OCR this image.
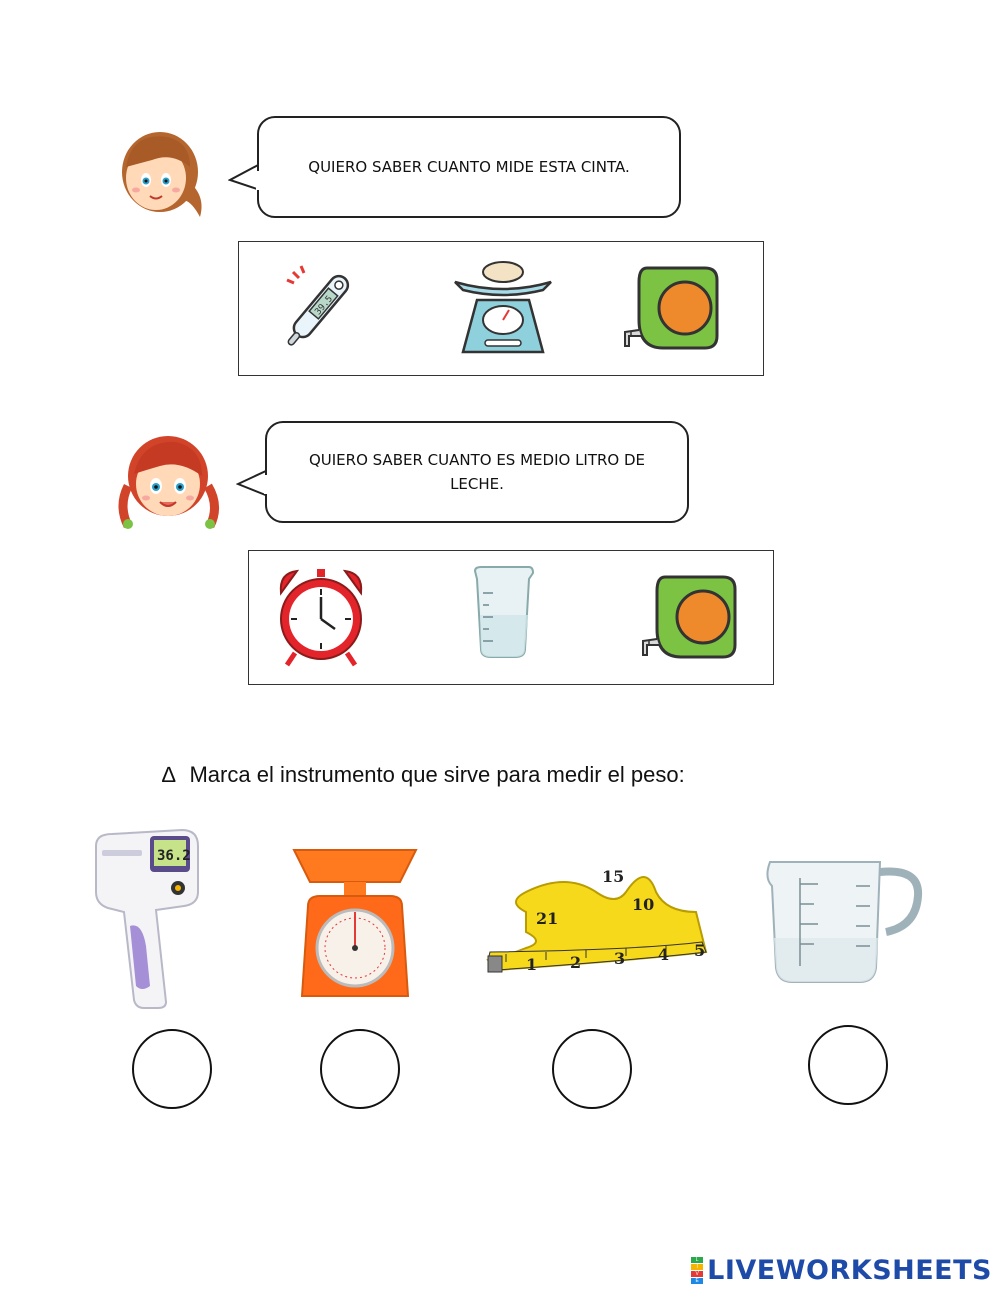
QUIERO SABER CUANTO MIDE ESTA CINTA.
39.5
QUIERO SABER CUANTO ES MEDIO LITRO DE
LECHE.
∆ Marca el instrumento que sirve para medir el peso:
36.2
1 2 3 4 5
21
10
15
L
I
V
E LIVEWORKSHEETS
